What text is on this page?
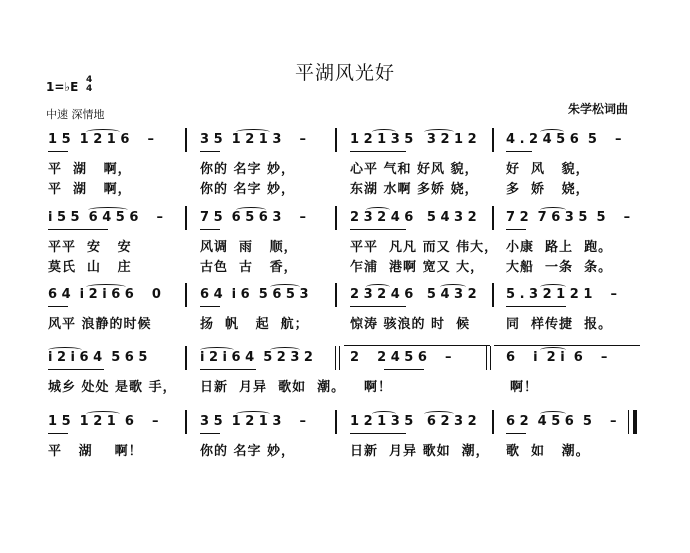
平湖风光好
1=♭E 4
4
中速 深情地	朱学松词曲
1 5  1 2 1 6    –	3 5  1 2 1 3    –	1 2 1 3 5   3 2 1 2 4 . 2 4 5 6  5    –
平  湖   啊，	你的 名字 妙，	心平 气和 好风 貌， 好  风   貌，
平  湖   啊，	你的 名字 妙，	东湖 水啊 多娇 娆， 多  娇   娆，
i 5 5  6 4 5 6    –	7 5  6 5 6 3    –	2 3 2 4 6   5 4 3 2 7 2  7 6 3 5  5    –
平平  安   安	风调  雨   顺，	平平  凡凡 而又 伟大， 小康  路上  跑。
莫氏  山   庄	古色  古   香，	乍浦  港啊 宽又 大， 大船  一条  条。
6 4  i 2 i 6 6    0	6 4  i 6  5 6 5 3	2 3 2 4 6   5 4 3 2 5 . 3 2 1 2 1    –
风平 浪静的时候	扬  帆   起  航；	惊涛 骇浪的 时  候	同  样传捷  报。
i 2 i 6 4  5 6 5	i 2 i 6 4  5 2 3 2	2    2 4 5 6    –	6    i  2 i  6    –
城乡 处处 是歌 手， 日新  月异  歌如  潮。 啊！	啊！
1 5  1 2 1  6    –	3 5  1 2 1 3    –	1 2 1 3 5   6 2 3 2 6 2  4 5 6  5    –
平   湖    啊！	你的 名字 妙，	日新  月异 歌如  潮， 歌  如   潮。
